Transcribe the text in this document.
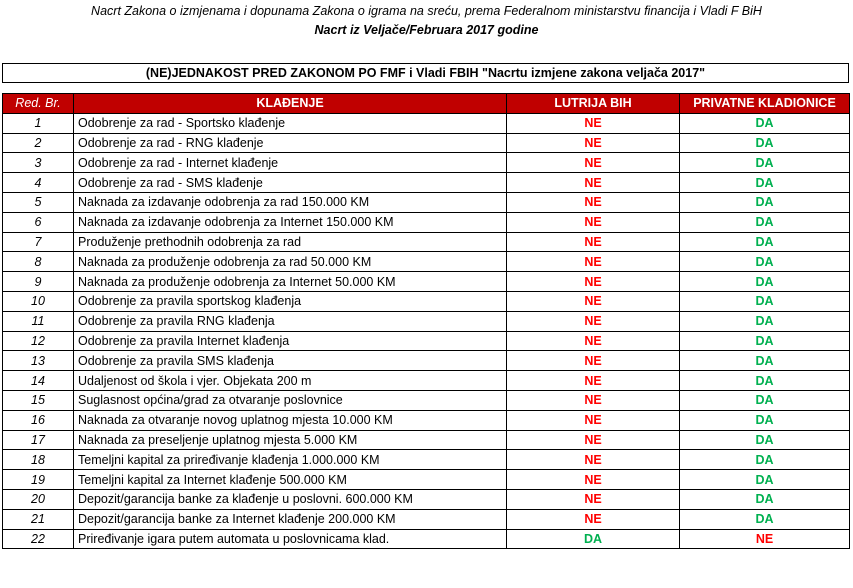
Nacrt Zakona o izmjenama i dopunama Zakona o igrama na sreću, prema Federalnom ministarstvu financija i Vladi F BiH
Nacrt iz Veljače/Februara 2017 godine
(NE)JEDNAKOST PRED ZAKONOM PO FMF i Vladi FBIH "Nacrtu izmjene zakona veljača 2017"
Red. Br.	KLAĐENJE	LUTRIJA BIH	PRIVATNE KLADIONICE
1	Odobrenje za rad - Sportsko klađenje	NE	DA
2	Odobrenje za rad - RNG klađenje	NE	DA
3	Odobrenje za rad - Internet klađenje	NE	DA
4	Odobrenje za rad - SMS klađenje	NE	DA
5	Naknada za izdavanje odobrenja za rad 150.000 KM	NE	DA
6	Naknada za izdavanje odobrenja za Internet 150.000 KM	NE	DA
7	Produženje prethodnih odobrenja za rad	NE	DA
8	Naknada za produženje odobrenja za rad 50.000 KM	NE	DA
9	Naknada za produženje odobrenja za Internet 50.000 KM	NE	DA
10	Odobrenje za pravila sportskog klađenja	NE	DA
11	Odobrenje za pravila RNG klađenja	NE	DA
12	Odobrenje za pravila Internet klađenja	NE	DA
13	Odobrenje za pravila SMS klađenja	NE	DA
14	Udaljenost od škola i vjer. Objekata 200 m	NE	DA
15	Suglasnost općina/grad za otvaranje poslovnice	NE	DA
16	Naknada za otvaranje novog uplatnog mjesta 10.000 KM	NE	DA
17	Naknada za preseljenje uplatnog mjesta 5.000 KM	NE	DA
18	Temeljni kapital za priređivanje klađenja 1.000.000 KM	NE	DA
19	Temeljni kapital za Internet klađenje 500.000 KM	NE	DA
20	Depozit/garancija banke za klađenje u poslovni. 600.000 KM	NE	DA
21	Depozit/garancija banke za Internet klađenje 200.000 KM	NE	DA
22	Priređivanje igara putem automata u poslovnicama klad.	DA	NE
